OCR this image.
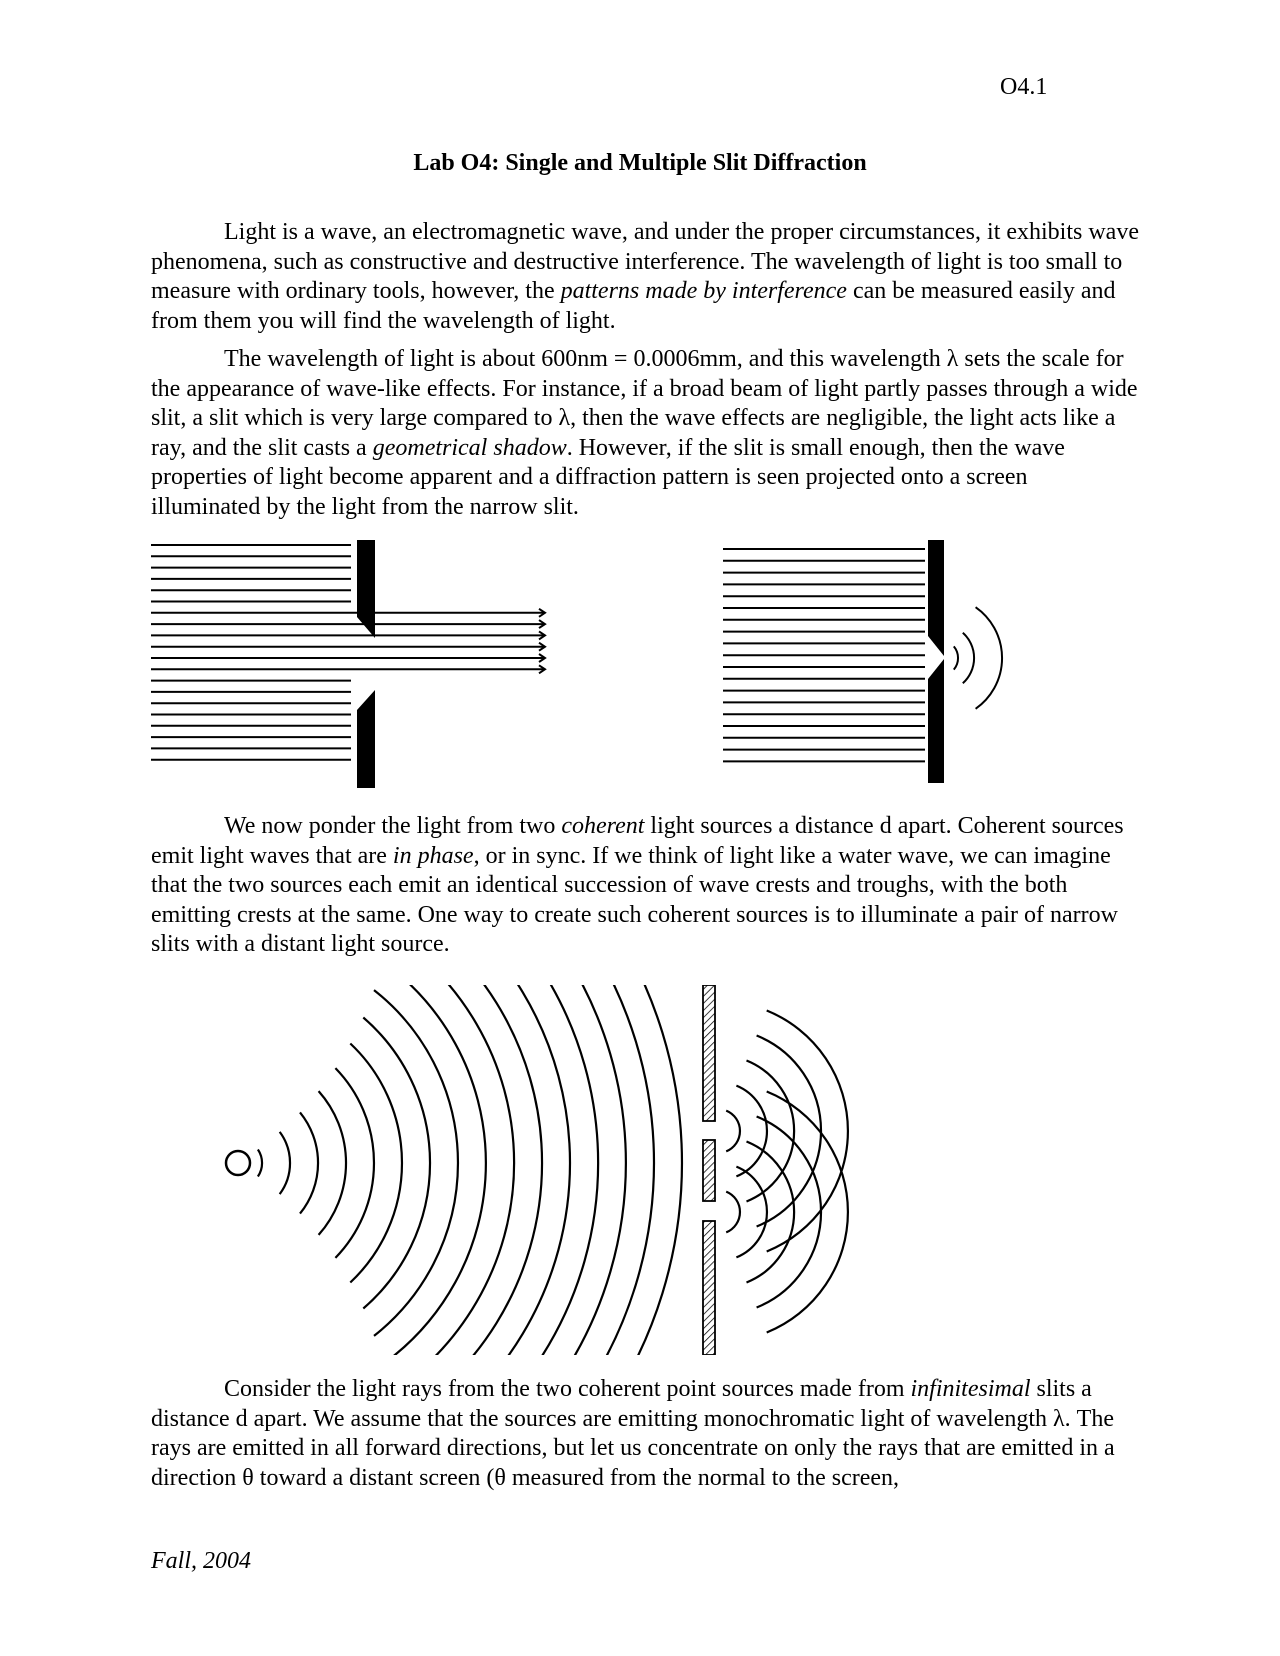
O4.1
Lab O4: Single and Multiple Slit Diffraction

Light is a wave, an electromagnetic wave, and under the proper circumstances, it exhibits wave phenomena, such as constructive and destructive interference. The wavelength of light is too small to measure with ordinary tools, however, the patterns made by interference can be measured easily and from them you will find the wavelength of light.

The wavelength of light is about 600nm = 0.0006mm, and this wavelength λ sets the scale for the appearance of wave-like effects. For instance, if a broad beam of light partly passes through a wide slit, a slit which is very large compared to λ, then the wave effects are negligible, the light acts like a ray, and the slit casts a geometrical shadow. However, if the slit is small enough, then the wave properties of light become apparent and a diffraction pattern is seen projected onto a screen illuminated by the light from the narrow slit.

We now ponder the light from two coherent light sources a distance d apart. Coherent sources emit light waves that are in phase, or in sync. If we think of light like a water wave, we can imagine that the two sources each emit an identical succession of wave crests and troughs, with the both emitting crests at the same. One way to create such coherent sources is to illuminate a pair of narrow slits with a distant light source.

Consider the light rays from the two coherent point sources made from infinitesimal slits a distance d apart. We assume that the sources are emitting monochromatic light of wavelength λ. The rays are emitted in all forward directions, but let us concentrate on only the rays that are emitted in a direction θ toward a distant screen (θ measured from the normal to the screen,

Fall, 2004
